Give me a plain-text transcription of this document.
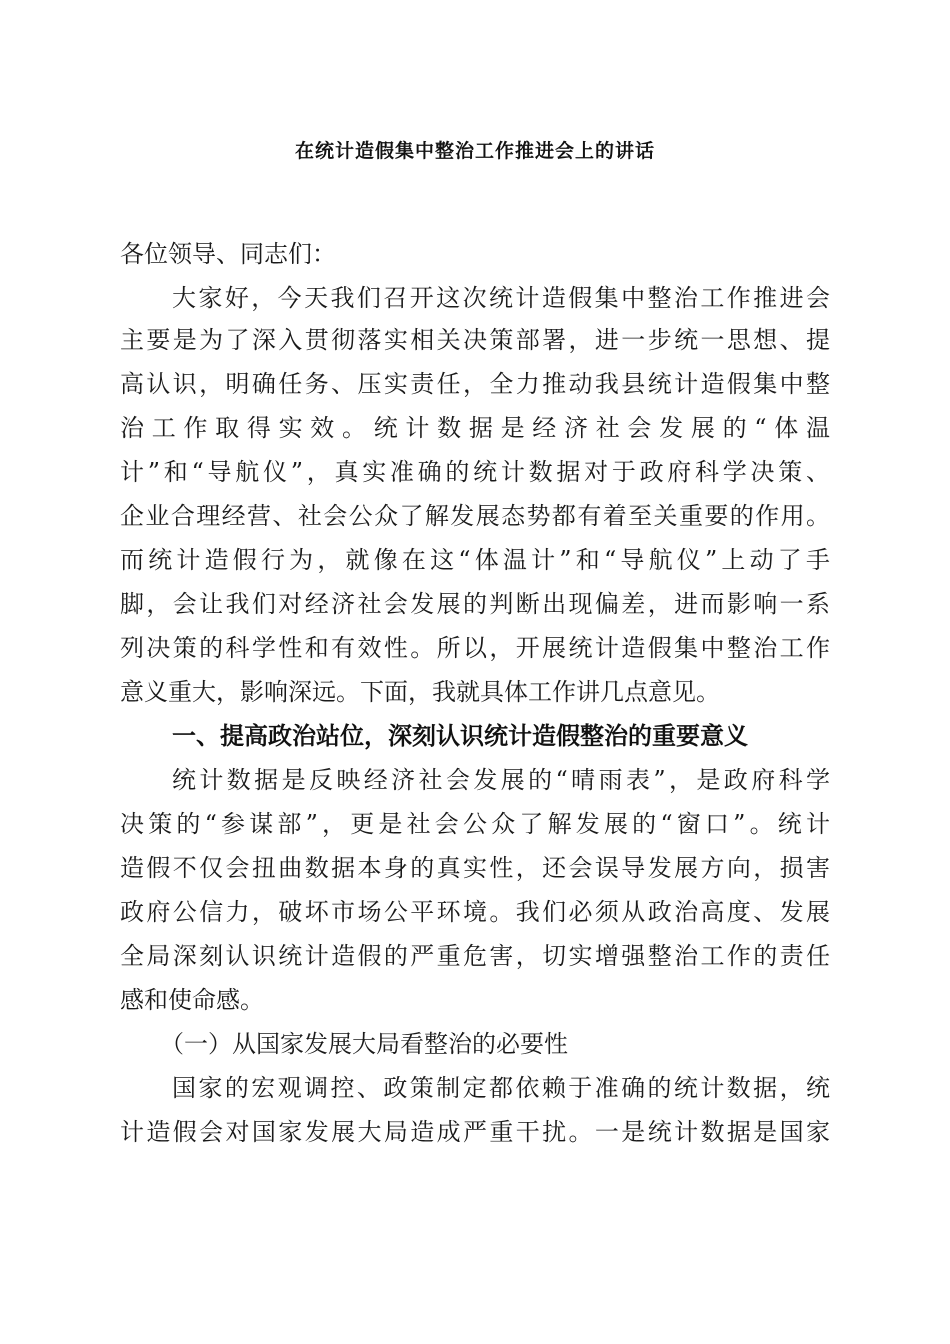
在统计造假集中整治工作推进会上的讲话
各位领导、同志们：
大家好，今天我们召开这次统计造假集中整治工作推进会
主要是为了深入贯彻落实相关决策部署，进一步统一思想、提
高认识，明确任务、压实责任，全力推动我县统计造假集中整
治工作取得实效。统计数据是经济社会发展的“体温
计”和“导航仪”，真实准确的统计数据对于政府科学决策、
企业合理经营、社会公众了解发展态势都有着至关重要的作用。
而统计造假行为，就像在这“体温计”和“导航仪”上动了手
脚，会让我们对经济社会发展的判断出现偏差，进而影响一系
列决策的科学性和有效性。所以，开展统计造假集中整治工作
意义重大，影响深远。下面，我就具体工作讲几点意见。
一、提高政治站位，深刻认识统计造假整治的重要意义
统计数据是反映经济社会发展的“晴雨表”，是政府科学
决策的“参谋部”，更是社会公众了解发展的“窗口”。统计
造假不仅会扭曲数据本身的真实性，还会误导发展方向，损害
政府公信力，破坏市场公平环境。我们必须从政治高度、发展
全局深刻认识统计造假的严重危害，切实增强整治工作的责任
感和使命感。
（一）从国家发展大局看整治的必要性
国家的宏观调控、政策制定都依赖于准确的统计数据，统
计造假会对国家发展大局造成严重干扰。一是统计数据是国家
